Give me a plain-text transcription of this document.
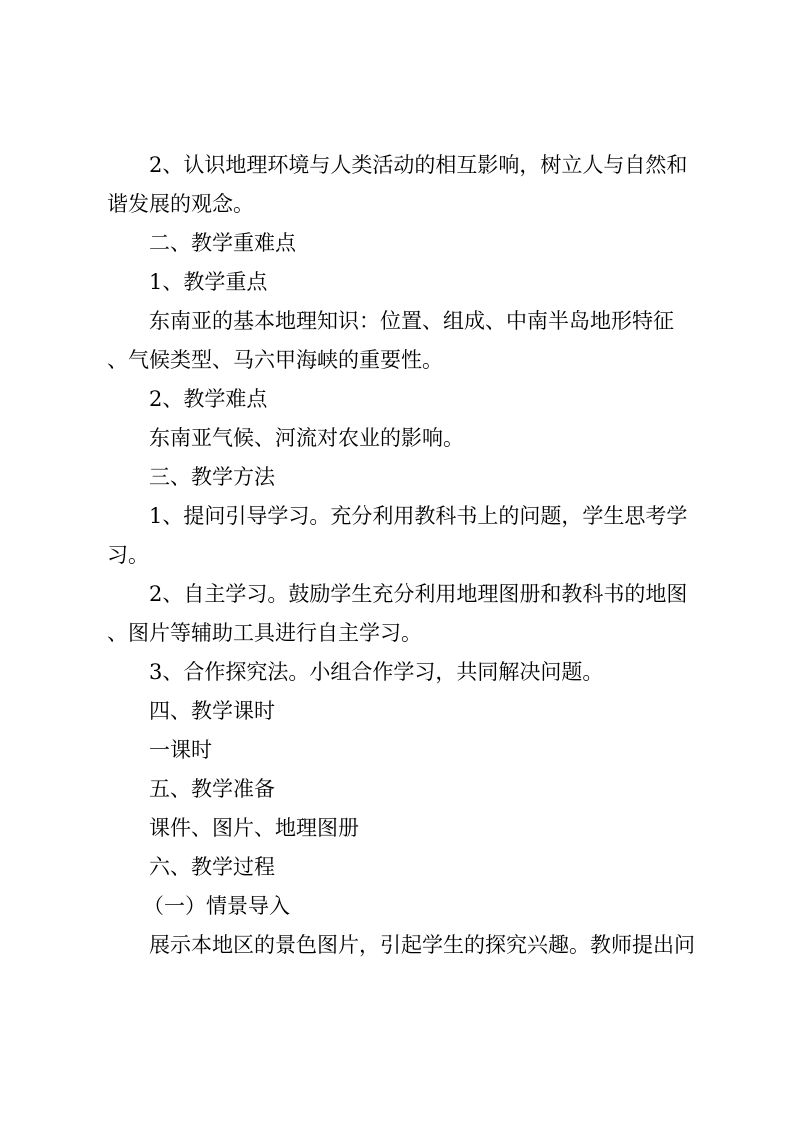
2、认识地理环境与人类活动的相互影响，树立人与自然和谐发展的观念。

二、教学重难点

1、教学重点

东南亚的基本地理知识：位置、组成、中南半岛地形特征 、气候类型、马六甲海峡的重要性。

2、教学难点

东南亚气候、河流对农业的影响。

三、教学方法

1、提问引导学习。充分利用教科书上的问题，学生思考学习。

2、自主学习。鼓励学生充分利用地理图册和教科书的地图 、图片等辅助工具进行自主学习。

3、合作探究法。小组合作学习，共同解决问题。

四、教学课时

一课时

五、教学准备

课件、图片、地理图册

六、教学过程

（一）情景导入

展示本地区的景色图片，引起学生的探究兴趣。教师提出问
